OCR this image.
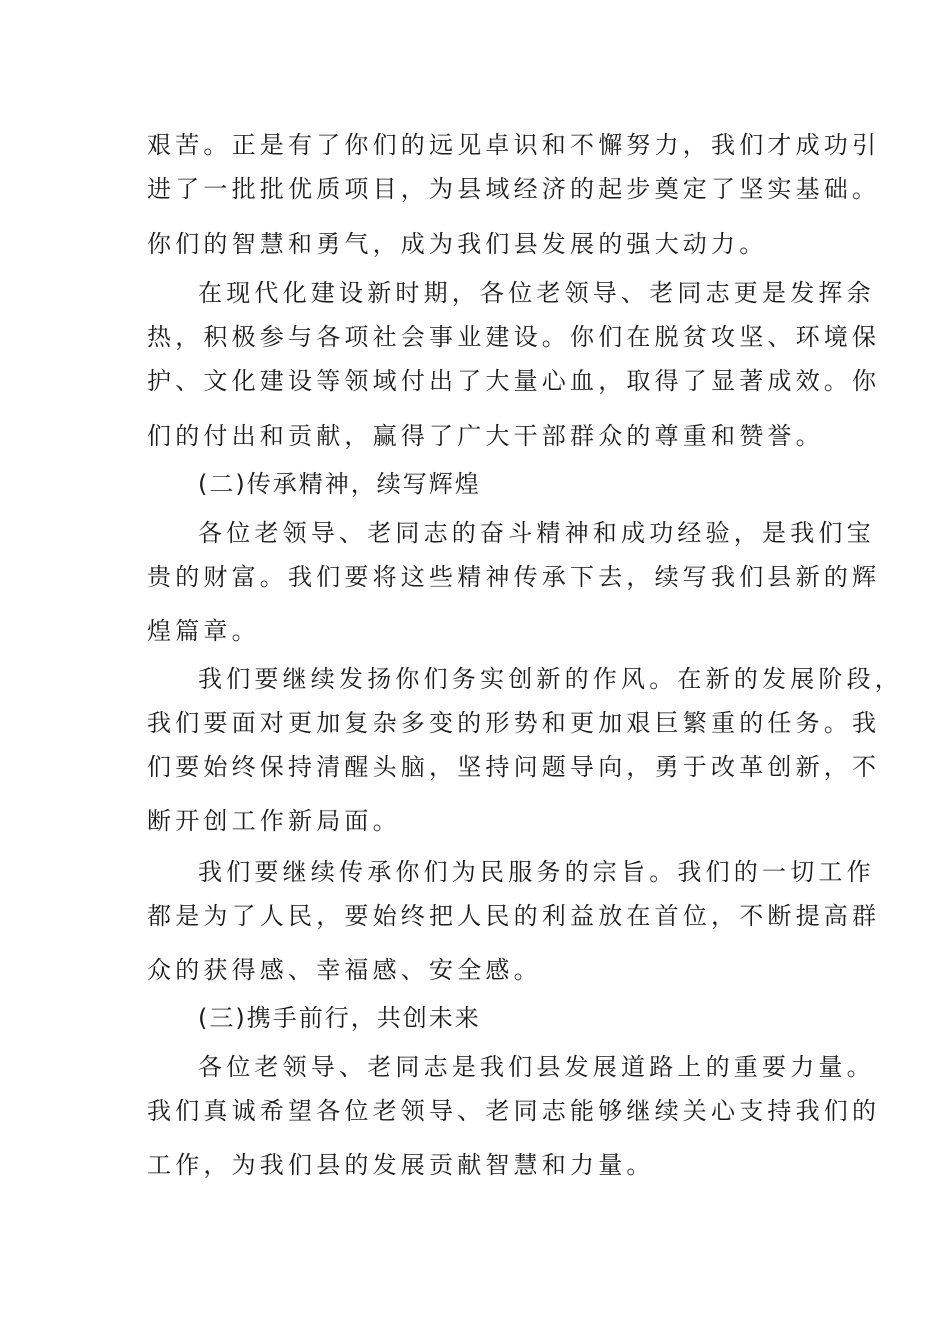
艰苦。正是有了你们的远见卓识和不懈努力，我们才成功引
进了一批批优质项目，为县域经济的起步奠定了坚实基础。
你们的智慧和勇气，成为我们县发展的强大动力。
在现代化建设新时期，各位老领导、老同志更是发挥余
热，积极参与各项社会事业建设。你们在脱贫攻坚、环境保
护、文化建设等领域付出了大量心血，取得了显著成效。你
们的付出和贡献，赢得了广大干部群众的尊重和赞誉。
(二)传承精神，续写辉煌
各位老领导、老同志的奋斗精神和成功经验，是我们宝
贵的财富。我们要将这些精神传承下去，续写我们县新的辉
煌篇章。
我们要继续发扬你们务实创新的作风。在新的发展阶段，
我们要面对更加复杂多变的形势和更加艰巨繁重的任务。我
们要始终保持清醒头脑，坚持问题导向，勇于改革创新，不
断开创工作新局面。
我们要继续传承你们为民服务的宗旨。我们的一切工作
都是为了人民，要始终把人民的利益放在首位，不断提高群
众的获得感、幸福感、安全感。
(三)携手前行，共创未来
各位老领导、老同志是我们县发展道路上的重要力量。
我们真诚希望各位老领导、老同志能够继续关心支持我们的
工作，为我们县的发展贡献智慧和力量。
